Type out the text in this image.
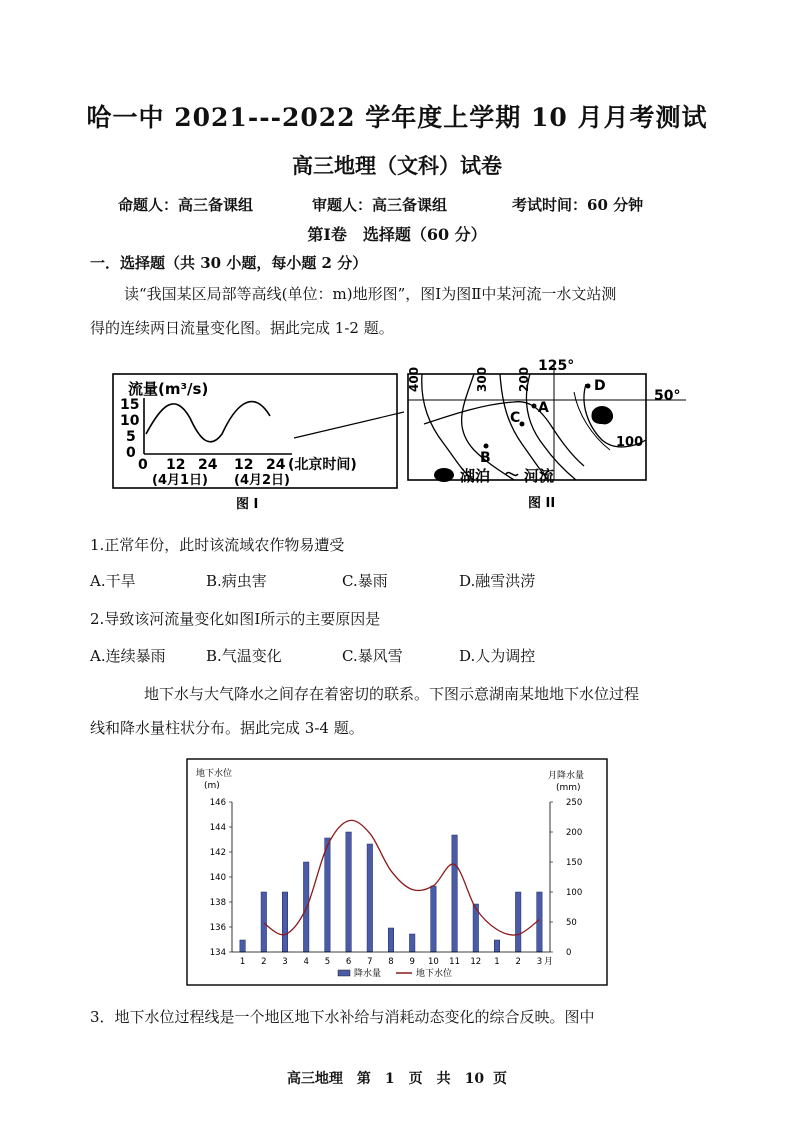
哈一中 2021---2022 学年度上学期 10 月月考测试
高三地理（文科）试卷
命题人：高三备课组	审题人：高三备课组	考试时间：60 分钟
第Ⅰ卷　选择题（60 分）
一．选择题（共 30 小题，每小题 2 分）
读“我国某区局部等高线(单位：m)地形图”，图Ⅰ为图Ⅱ中某河流一水文站测
得的连续两日流量变化图。据此完成 1-2 题。
流量(m³/s)
15
10
5
0
0 12 24 12 24 (北京时间)
(4月1日) (4月2日)
图 I
125°
50°
400	300 200
100
A
B
C
D
湖泊 河流
图 II
1.正常年份，此时该流域农作物易遭受
A.干旱	B.病虫害	C.暴雨	D.融雪洪涝
2.导致该河流量变化如图Ⅰ所示的主要原因是
A.连续暴雨	B.气温变化	C.暴风雪	D.人为调控
地下水与大气降水之间存在着密切的联系。下图示意湖南某地地下水位过程
线和降水量柱状分布。据此完成 3-4 题。
地下水位
(m)
月降水量
(mm)
134
136
138
140
142
144
146
0
50
100
150
200
250
1 2 3 4 5 6 7 8 9 10 11 12 1 2 3 月
降水量	地下水位
3．地下水位过程线是一个地区地下水补给与消耗动态变化的综合反映。图中
高三地理　第　1　页　共　10 页
